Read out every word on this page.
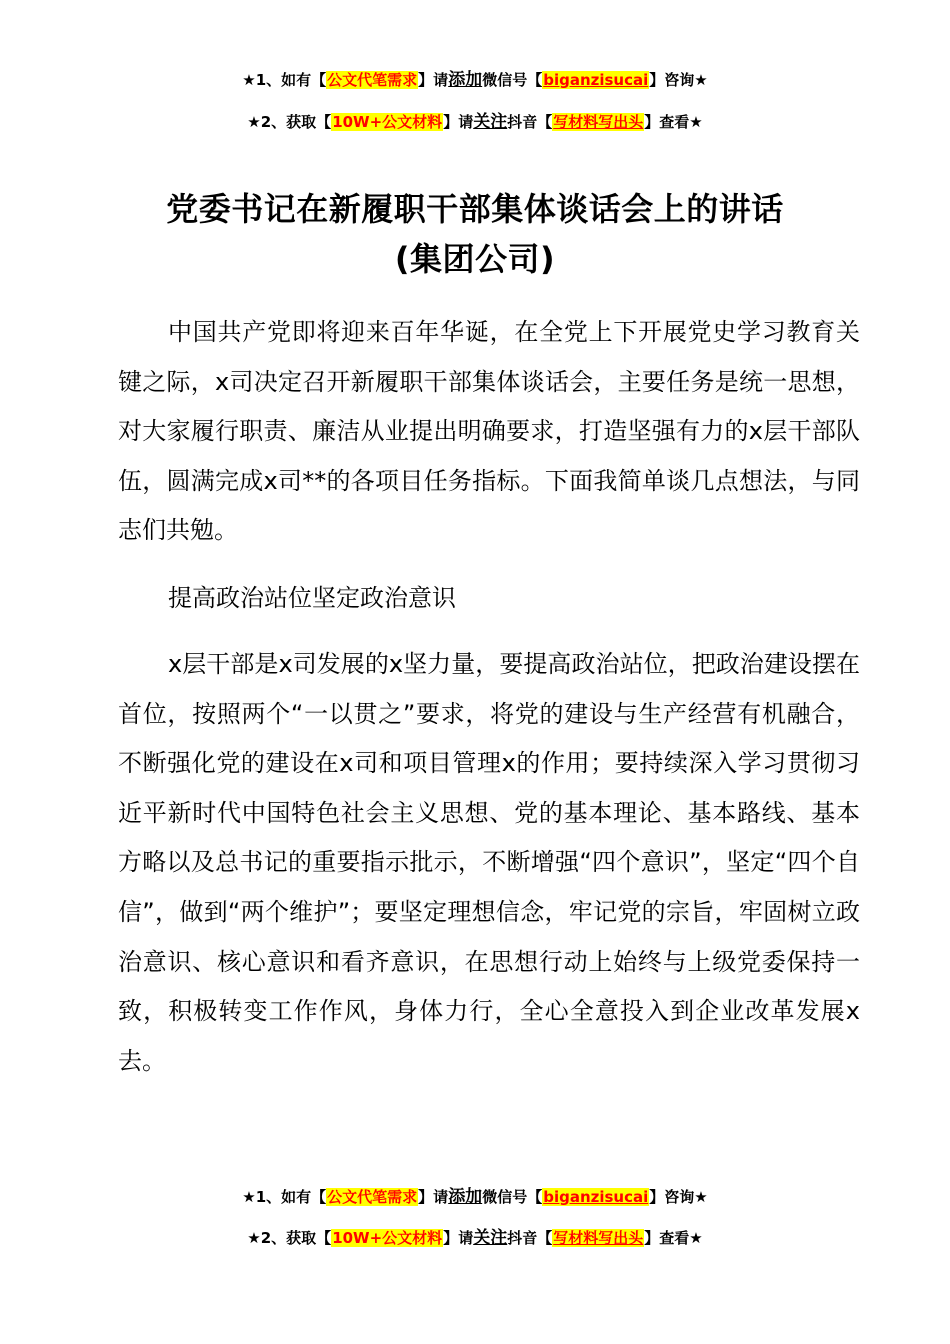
★1、如有【公文代笔需求】请添加微信号【biganzisucai】咨询★
★2、获取【10W+公文材料】请关注抖音【写材料写出头】查看★
党委书记在新履职干部集体谈话会上的讲话
(集团公司)
中国共产党即将迎来百年华诞，在全党上下开展党史学习教育关键之际，x司决定召开新履职干部集体谈话会，主要任务是统一思想，对大家履行职责、廉洁从业提出明确要求，打造坚强有力的x层干部队伍，圆满完成x司**的各项目任务指标。下面我简单谈几点想法，与同志们共勉。
提高政治站位坚定政治意识
x层干部是x司发展的x坚力量，要提高政治站位，把政治建设摆在首位，按照两个“一以贯之”要求，将党的建设与生产经营有机融合，不断强化党的建设在x司和项目管理x的作用；要持续深入学习贯彻习近平新时代中国特色社会主义思想、党的基本理论、基本路线、基本方略以及总书记的重要指示批示，不断增强“四个意识”，坚定“四个自信”，做到“两个维护”；要坚定理想信念，牢记党的宗旨，牢固树立政治意识、核心意识和看齐意识，在思想行动上始终与上级党委保持一致，积极转变工作作风，身体力行，全心全意投入到企业改革发展x去。
★1、如有【公文代笔需求】请添加微信号【biganzisucai】咨询★
★2、获取【10W+公文材料】请关注抖音【写材料写出头】查看★
